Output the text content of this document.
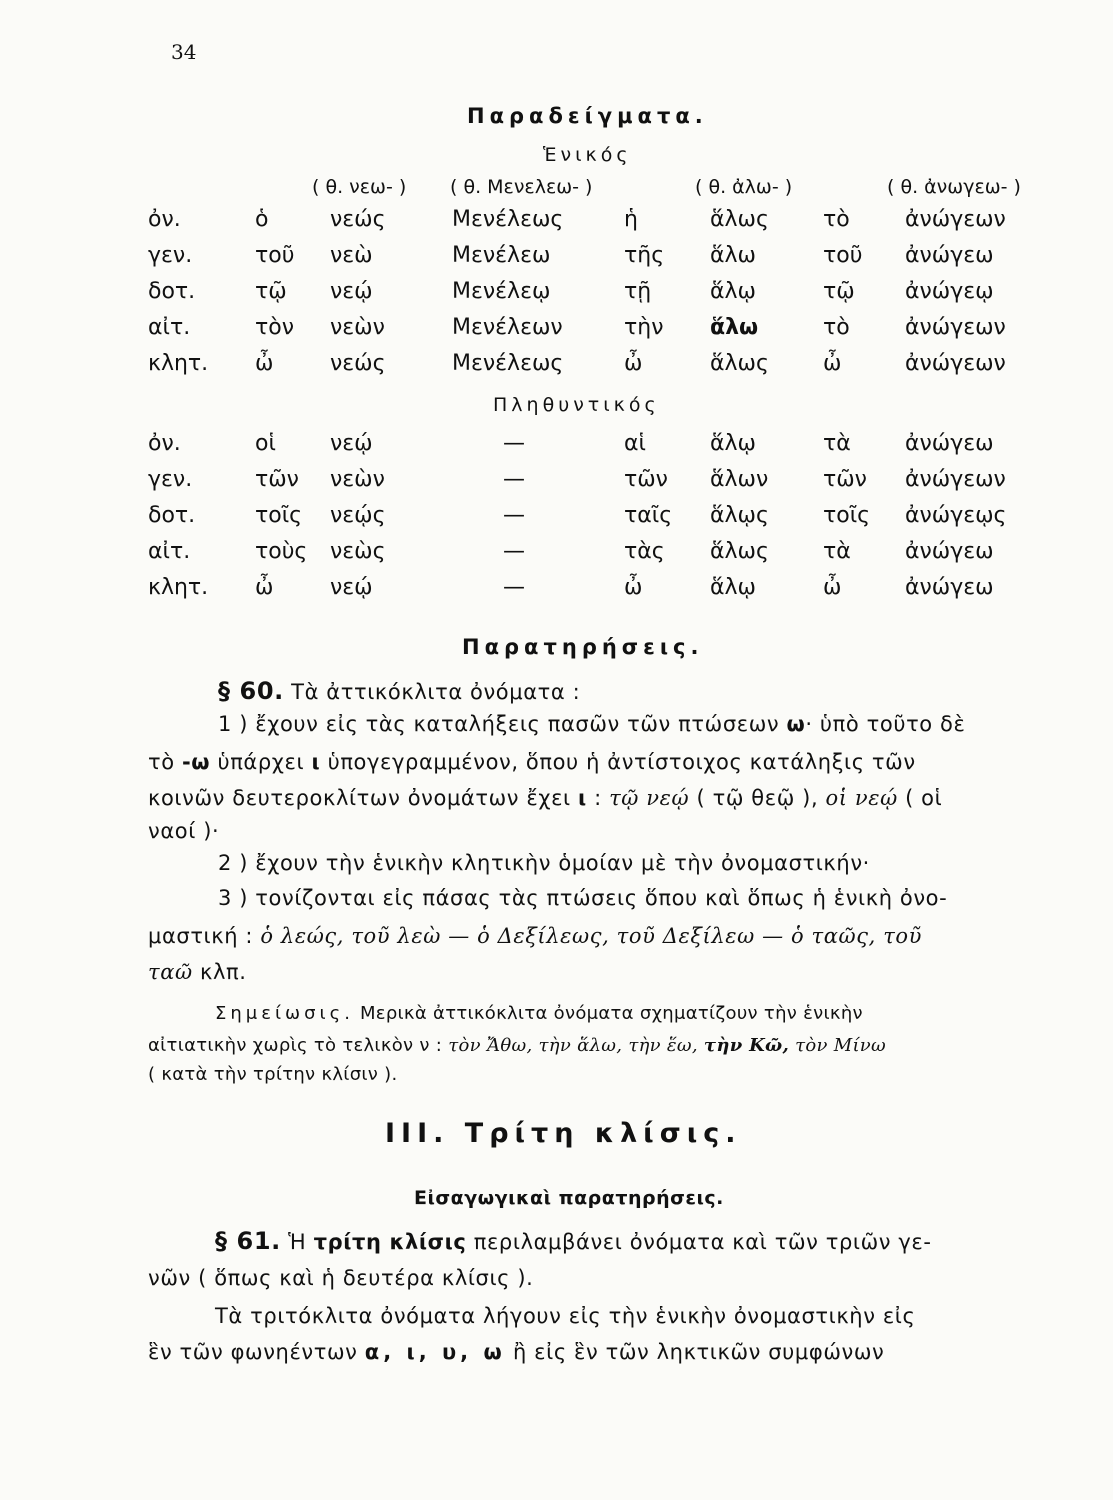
34
Παραδείγματα.
Ἑνικός
( θ. νεω- ) ( θ. Μενελεω- )	( θ. ἀλω- )	( θ. ἀνωγεω- )
ὀν.	ὁ	νεώς	Μενέλεως	ἡ	ἅλως τὸ	ἀνώγεων
γεν.	τοῦ νεὼ	Μενέλεω	τῆς ἅλω	τοῦ ἀνώγεω
δοτ.	τῷ νεῴ	Μενέλεῳ	τῇ	ἅλῳ	τῷ ἀνώγεῳ
αἰτ.	τὸν νεὼν	Μενέλεων	τὴν ἅλω	τὸ	ἀνώγεων
κλητ. ὦ	νεώς	Μενέλεως	ὦ	ἅλως ὦ	ἀνώγεων
Πληθυντικός
ὀν.	οἱ νεῴ	—	αἱ	ἅλῳ	τὰ ἀνώγεω
γεν.	τῶν νεὼν	—	τῶν ἅλων τῶν ἀνώγεων
δοτ.	τοῖς νεῴς	—	ταῖς ἅλῳς τοῖς ἀνώγεῳς
αἰτ.	τοὺς νεὼς	—	τὰς ἅλως τὰ ἀνώγεω
κλητ. ὦ	νεῴ	—	ὦ	ἅλῳ	ὦ	ἀνώγεω
Παρατηρήσεις.
§ 60. Τὰ ἀττικόκλιτα ὀνόματα :
1 ) ἔχουν εἰς τὰς καταλήξεις πασῶν τῶν πτώσεων ω· ὑπὸ τοῦτο δὲ
τὸ -ω ὑπάρχει ι ὑπογεγραμμένον, ὅπου ἡ ἀντίστοιχος κατάληξις τῶν
κοινῶν δευτεροκλίτων ὀνομάτων ἔχει ι : τῷ νεῴ ( τῷ θεῷ ), οἱ νεῴ ( οἱ
ναοί )·
2 ) ἔχουν τὴν ἑνικὴν κλητικὴν ὁμοίαν μὲ τὴν ὀνομαστικήν·
3 ) τονίζονται εἰς πάσας τὰς πτώσεις ὅπου καὶ ὅπως ἡ ἑνικὴ ὀνο-
μαστική : ὁ λεώς, τοῦ λεὼ — ὁ Δεξίλεως, τοῦ Δεξίλεω — ὁ ταῶς, τοῦ
ταῶ κλπ.
Σημείωσις. Μερικὰ ἀττικόκλιτα ὀνόματα σχηματίζουν τὴν ἑνικὴν
αἰτιατικὴν χωρὶς τὸ τελικὸν ν : τὸν Ἄθω, τὴν ἅλω, τὴν ἕω, τὴν Κῶ, τὸν Μίνω
( κατὰ τὴν τρίτην κλίσιν ).
ΙΙΙ. Τρίτη κλίσις.
Εἰσαγωγικαὶ παρατηρήσεις.
§ 61. Ἡ τρίτη κλίσις περιλαμβάνει ὀνόματα καὶ τῶν τριῶν γε-
νῶν ( ὅπως καὶ ἡ δευτέρα κλίσις ).
Τὰ τριτόκλιτα ὀνόματα λήγουν εἰς τὴν ἑνικὴν ὀνομαστικὴν εἰς
ἓν τῶν φωνηέντων α, ι, υ, ω ἢ εἰς ἓν τῶν ληκτικῶν συμφώνων
